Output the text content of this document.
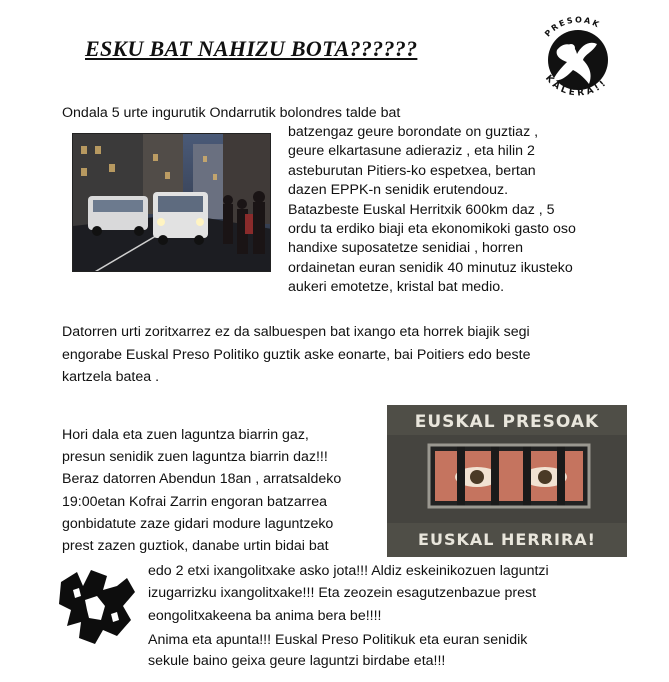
ESKU BAT NAHIZU BOTA??????
PRESOAK
KALERA!!
Ondala 5 urte ingurutik Ondarrutik bolondres talde bat
batzengaz geure borondate on guztiaz ,
geure elkartasune adieraziz , eta hilin 2
asteburutan Pitiers-ko espetxea, bertan
dazen EPPK-n senidik erutendouz.
Batazbeste Euskal Herritxik 600km daz , 5
ordu ta erdiko biaji eta ekonomikoki gasto oso
handixe suposatetze senidiai , horren
ordainetan euran senidik 40 minutuz ikusteko
aukeri emotetze, kristal bat medio.
Datorren urti zoritxarrez ez da salbuespen bat ixango eta horrek biajik segi
engorabe Euskal Preso Politiko guztik aske eonarte, bai Poitiers edo beste
kartzela batea .
Hori dala eta zuen laguntza biarrin gaz,
presun senidik zuen laguntza biarrin daz!!!
Beraz datorren Abendun 18an , arratsaldeko
19:00etan Kofrai Zarrin engoran batzarrea
gonbidatute zaze gidari modure laguntzeko
prest zazen guztiok, danabe urtin bidai bat
EUSKAL PRESOAK
EUSKAL HERRIRA!
edo 2 etxi ixangolitxake asko jota!!! Aldiz eskeinikozuen laguntzi
izugarrizku ixangolitxake!!! Eta zeozein esagutzenbazue prest
eongolitxakeena ba anima bera be!!!!
Anima eta apunta!!! Euskal Preso Politikuk eta euran senidik
sekule baino geixa geure laguntzi birdabe eta!!!
